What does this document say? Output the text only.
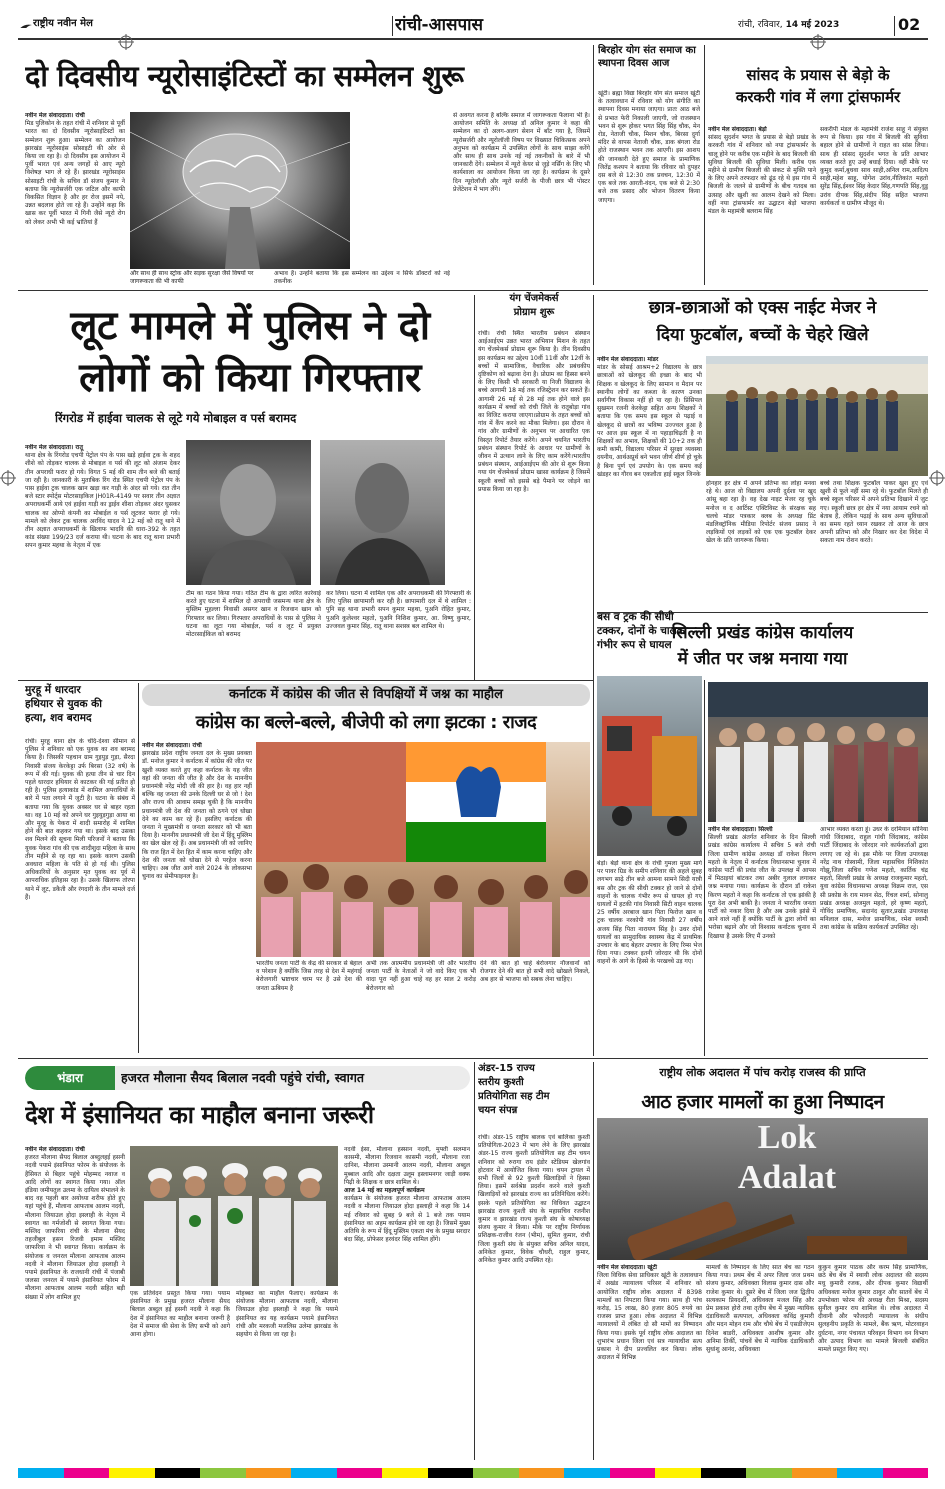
राष्ट्रीय नवीन मेल	रांची-आसपास	रांची, रविवार, 14 मई 2023	02
दो दिवसीय न्यूरोसाइंटिस्टों का सम्मेलन शुरू
नवीन मेल संवाददाता। रांची
मिड पुलिकोन के तहत रांची में शनिवार से पूर्वी भारत का दो दिवसीय न्यूरोसाइंटिस्टों का सम्मेलन शुरू हुआ। सम्मेलन का आयोजन झारखंड न्यूरोसाइंस सोसाइटी की ओर से किया जा रहा है। दो दिवसीय इस आयोजन में पूर्वी भारत एवं अन्य जगहों से आए न्यूरो विशेषज्ञ भाग ले रहे हैं। झारखंड न्यूरोसाइंस सोसाइटी रांची के सचिव डॉ संजय कुमार ने बताया कि न्यूरोसर्जरी एक जटिल और काफी विकसित विज्ञान है और हर रोज इसमें नये, उन्नत बदलाव होते जा रहे हैं। उन्होंने कहा कि खास कर पूर्वी भारत में गिनी जैसे न्यूरो रोग को लेकर अभी भी कई भ्रांतियां हैं
और साथ ही साथ स्ट्रोक और सड़क सुरक्षा जैसे विषयों पर जागरूकता की भी काफी
अभाव है। उन्होंने बताया कि इस सम्मेलन का उद्देश्य न सिर्फ डॉक्टरों को नई तकनीक
से अवगत करना है बल्कि समाज में जागरूकता फैलाना भी है। आयोजन समिति के अध्यक्ष डॉ अनिल कुमार ने कहा की सम्मेलन का दो अलग-अलग सेशन में बाँट गया है, जिसमें न्यूरोसर्जरी और न्यूरोलॉजी विषय पर विख्यात चिकित्सक अपने अनुभव को कार्यक्रम में उपस्थित लोगों के साथ साझा करेंगे और साथ ही साथ उनके नई नई तकनीकों के बारे में भी जानकारी देंगे। सम्मेलन में न्यूरो केयर से जुड़े नर्सिंग के लिए भी कार्यशाला का आयोजन किया जा रहा है। कार्यक्रम के दूसरे दिन न्यूरोलॉजी और न्यूरो सर्जरी के पीजी छात्र भी पोस्टर प्रेजेंटेशन में भाग लेंगे।
बिरहोर योग संत समाज का स्थापना दिवस आज
खूंटी। ब्रह्मा विद्या बिरहोर योग संत समाज खूंटी के तत्वावधान में रविवार को योग संगीति का स्थापना दिवस मनाया जाएगा। प्रातः आठ बजे से प्रभात फेरी निकाली जाएगी, जो राजस्थान भवन से शुरू होकर भगत सिंह सिंह चौक, मेन रोड, नेताजी चौक, मिशन चौक, बिरसा दुर्गा मंदिर से वापस नेताजी चौक, डाक बंगला रोड होते राजस्थान भवन तक आएगी। इस आशय की जानकारी देते हुए समाज के प्रामाणिक जितेंद्र कश्यप ने बताया कि रविवार को दुपहर दस बजे से 12:30 तक प्रवचन, 12:30 में एक बजे तक आरती-वंदन, एक बजे से 2:30 बजे तक प्रसाद और भोजन वितरण किया जाएगा।
सांसद के प्रयास से बेड़ो के
करकरी गांव में लगा ट्रांसफार्मर
नवीन मेल संवाददाता। बेड़ो
सांसद सुदर्शन भगत के प्रयास से बेड़ो प्रखंड के करकरी गांव में शनिवार को नया ट्रांसफार्मर के चालू होने पर करीब एक महीने के बाद बिजली की सुविधा बिजली की सुविधा मिली। करीब एक महीने से ग्रामीण बिजली की संकट से मुक्ति पाने के लिए अपने तरफदार को ढूंढ रहे थे इस गांव में बिजली के जलने से ग्रामीणों के बीच गतदब का उत्साह और खुशी का आलम देखने को मिला। वहीं नया ट्रांसफार्मर का उद्घाटन बेड़ो भाजपा मंडल के महामंत्री बलराम सिंह
सकरीपी मंडल के महामंत्री राजेश साहू ने संयुक्त रूप से किया। इस गांव में बिजली की सुविधा बहाल होने से ग्रामीणों ने राहत का सांस लिया। साथ ही सांसद सुदर्शन भगत के प्रति आभार व्यक्त करते हुए उन्हें बधाई दिया। वहीं मौके पर कुमुद कर्मा,बुधवा साव साही,अनिल राम,आदित्य साही,महेश साहू, योगेश उरांव,नीतिकांत महतो सुरेंद्र सिंह,ईश्वर सिंह केदार सिंह,गणपति सिंह,वुडु उरांव दीपक सिंह,संदीप सिंह सहित भाजपा कार्यकर्ता व ग्रामीण मौजूद थे।
लूट मामले में पुलिस ने दो
लोगों को किया गिरफ्तार
रिंगरोड में हाईवा चालक से लूटे गये मोबाइल व पर्स बरामद
नवीन मेल संवाददाता। रातू
थाना क्षेत्र के रिंगरोड एचपी पेट्रोल पंप के पास खड़े हाईवा ट्रक के शहद शीशे को तोड़कर चालक से मोबाइल व पर्स की लूट को अंजाम देकर तीन अपराधी फरार हो गये। विगत 5 मई की शाम तीन बजे की बताई जा रही है। जानकारी के मुताबिक रिंग रोड स्थित एचपी पेट्रोल पंप के पास हाईवा ट्रक चालक खान खड़ा कर गाड़ी के अंदर सो गये। रात तीन बजे स्टार स्पोर्ट्स मोटरसाइकिल JH01R-4149 पर सवार तीन अज्ञात अपराधकर्मी आये एवं हाईवा गाड़ी का ड्राईव शीशा तोड़कर अंदर घुसकर चालक का ओप्पो कंपनी का मोबाईल व पर्स लूटकर फरार हो गये। मामले को लेकर ट्रक चालक अरविंद यादव ने 12 मई को रातू थाने में तीन अज्ञात अपराधकर्मी के खिलाफ भादवि की धारा-392 के तहत कांड संख्या 199/23 दर्ज कराया थी। घटना के बाद रातू थाना प्रभारी सपन कुमार महथा के नेतृत्व में एक
टीम का गठन किया गया। गठित टीम के द्वारा त्वरित कार्रवाई करते हुए घटना में शामिल दो अपराधी जसमन्य थाना क्षेत्र के मुस्लिम मुहल्ला निवासी असगर खान व रिजवान खान को गिरफ्तार कर लिया। गिरफ्तार अपराधियों के पास से पुलिस ने घटना का लूटा गया मोबाईल, पर्स व लूट में प्रयुक्त मोटरसाईकिल को बरामद
कर लिया। घटना में शामिल एक और अपराधकर्मी की गिरफ्तारी के लिए पुलिस छापामारी कर रही है। छापामारी दल में थे शामिल : पुनि सह थाना प्रभारी सपन कुमार महथा, पुअनि रोहित कुमार, पुअनि कुलेश्वर महतो, पुअनि निशिश कुमार, आ. विष्णु कुमार, उज्जवल कुमार सिंह, रातू थाना सशस्त्र बल शामिल थे।
यंग चेंजमेकर्स
प्रोग्राम शुरू
रांची। रांची स्थित भारतीय प्रबंधन संस्थान आईआईएम उन्नत भारत अभियान मिशन के तहत यंग चेंजमेकर्स प्रोग्राम शुरू किया है। तीन दिवसीय इस कार्यक्रम का उद्देश्य 10वीं 11वीं और 12वीं के बच्चों में सामाजिक, वैचारिक और प्रबंधकीय दृष्टिकोण को बढ़ावा देना है। प्रोग्राम का हिस्सा बनने के लिए किसी भी सरकारी या निजी विद्यालय के बच्चे आगामी 18 मई तक रजिस्ट्रेशन कर सकते हैं। आगामी 26 मई से 28 मई तक होने वाले इस कार्यक्रम में बच्चों को रांची जिले के रातूबोड़ा गांव का विजिट कराया जाएगा।प्रोग्राम के तहत बच्चों को गांव में कैंप करने का मौका मिलेगा। इस दौरान वे गांव और ग्रामीणों के अनुभव पर आधारित एक विस्तृत रिपोर्ट तैयार करेंगे। अपने चयनित भारतीय प्रबंधन संस्थान रिपोर्ट के आधार पर ग्रामीणों के जीवन में उत्थान लाने के लिए काम करेंगे।भारतीय प्रबंधन संस्थान, आईआईएम की ओर से शुरू किया गया यंग चेंजमेकर्स प्रोग्राम खासा कार्यक्रम है जिसमें स्कूली बच्चों को इससे बड़े पैमाने पर जोड़ने का प्रयास किया जा रहा है।
छात्र-छात्राओं को एक्स नाईट मेजर ने
दिया फुटबॉल, बच्चों के चेहरे खिले
नवीन मेल संवाददाता। मांडर
मांडर के सोसई आश्रम+2 विद्यालय के छात्र छात्राओं को खेलकूद की इच्छा के बाद भी शिक्षक व खेलकूद के लिए सामान व मैदान पर स्थानीय लोगों का कब्जा के कारण उनका सर्वांगीण विकास नहीं हो पा रहा है। प्रिंसिपल सुखमन रजनी केरकेट्टा सहित अन्य शिक्षकों ने बताया कि एक समय इस स्कूल से पढ़ाई व खेलकूद से छात्रों का भविष्य उज्ज्वल हुआ है पर आज इस स्कूल में ना पहाड़ाचिढ़ती है ना शिक्षकों का अभाव, शिक्षकों की 10+2 तक ही कमी कामी, विद्यालय परिसर में सुरक्षा व्यवस्था दयनीय, आर्थअप्रूर्थ बने भवन जीर्ण शीर्ण हो चुके है बिना पूर्ण एवं उपयोग के। एक समय कई खंडहर का गौरव बन एकलौता हाई स्कूल जिनके
होनहार हर क्षेत्र में अपने प्रतिभा का लोहा मनवा रहे थे। आज वो विद्यालय अपनी दुर्दशा पर खुद आंसू बहा रहा है। वह देख नाइट मेजर रह चुके मनोज व द आर्टिस्ट एक्टिविस्ट के संरक्षक सह चलचे मांडर पत्रकार क्लब के अध्यक्ष प्रिंट मंडलिक्ट्रॉनिक मीडिया रिपोर्टर संजय प्रसाद ने लड़कियों एवं लड़कों को एक एक फुटबॉल देकर खेल के प्रति जागरूक किया।
बच्चे तथा शिक्षक फुटबॉल पाकर खुश हुए एवं खुशी से फूले नहीं समा रहे थे। फुटबॉल मिलते ही बच्चे स्कूल परिसर में अपने प्रतिभा दिखाने में जुट गए। स्कूली छात्र हर क्षेत्र में नया आयाम रचने को बेताब हैं, लेकिन पढ़ाई के साथ अन्य सुविधाओं का समय रहते ध्यान रखकर तो आज के छात्र अपनी प्रतिभा को और निखार कर देश विदेश में सकता नाम रोशन करते।
सिल्ली प्रखंड कांग्रेस कार्यालय
में जीत पर जश्न मनाया गया
मुरहू में धारदार
हथियार से युवक की
हत्या, शव बरामद
रांची। मुरहू थाना क्षेत्र के चंदि-देश्वा सीमान से पुलिस ने शनिवार को एक युवक का शव बरामद किया है। जिसकी पहचान ग्राम गुइयुड़ गुड़ा, सैरदा निवासी संजय केरकेट्टा उर्फ बिरसा (32 वर्ष) के रूप में की गई। युवक की हत्या तीन से चार दिन पहले धारदार हथियार से काटकर की गई प्रतीत हो रही है। पुलिस हत्याकांड में शामिल अपराधियों के बारे में पता लगाने में जुटी है। घटना के संबंध में बताया गया कि युवक अक्सर घर से बाहर रहता था। वह 10 मई को अपने घर गुइयुड़गुड़ा आया था और मुरहू के पेकरा में शादी समारोह में शामिल होने की बात कहकर गया था। इसके बाद उसका शव मिलने की सूचना मिली परिजनों ने बताया कि युवक पेकरा गांव की एक शादीशुदा महिला के साथ तीन महीने से रह रहा था। इसके कारण उसकी अवधारा महिला के पति से हो गई थी। पुलिस अधिकारियों के अनुसार मृत युवक का पूर्व में आपराधिक इतिहास रहा है। उसके खिलाफ तोरपा थाने में लूट, डकैती और रंगदारी के तीन मामले दर्ज हैं।
कर्नाटक में कांग्रेस की जीत से विपक्षियों में जश्न का माहौल
कांग्रेस का बल्ले-बल्ले, बीजेपी को लगा झटका : राजद
नवीन मेल संवाददाता। रांची
झारखंड प्रदेश राष्ट्रीय जनता दल के मुख्य प्रवक्ता डॉ. मनोज कुमार ने कर्नाटक में कांग्रेस की जीत पर खुशी व्यक्त करते हुए कहा कर्नाटक के यह जीत वहां की जनता की जीत है और देश के माननीय प्रधानमंत्री नरेंद्र मोदी जी की हार है। वह हार नहीं बल्कि वह जनता की उनके दिल्ली घर से जो ! देश और राज्य की आवाम समझ चुकी है कि माननीय प्रधानमंत्री जी देश की जनता को ठगने एवं धोखा देने का काम कर रहे हैं। इसलिए कर्नाटक की जनता ने मुख्यमंत्री व जनता सरकार को भी बता दिया है। माननीय प्रधानमंत्री जी देश में हिंदू मुस्लिम का खेल खेल रहे हैं। अब प्रधानमंत्री जी को जानिए कि राज हित में देश हित में काम करना चाहिए और देश की जनता को धोखा देने से परहेज करना चाहिए। अब जीत आगे वाले 2024 के लोकसभा चुनाव का सेमीफाइनल है।
भारतीय जनता पार्टी के केंद्र की सरकार से बेहाल व परेशान है क्योंकि जिस तरह से देश में महंगाई बेरोजगारी भ्रष्टाचार चरम पर है उसे देश की जनता ऊबियम है
अभी तक आत्ममीय प्रधानमंत्री जी और भारतीय जनता पार्टी के नेताओं ने जो वादे किए एक भी वादा पूरा नहीं हुआ चाहे वह हर साल 2 करोड़ बेरोजगार को
देने की बात हो चाहे बेरोजगार नौजवानों को रोजगार देने की बात हो सभी वादे खोखले निकले, अब हार से भाजपा को सबक लेना चाहिए।
बस व ट्रक की सीधी
टक्कर, दोनों के चालक
गंभीर रूप से घायल
बेड़ो। बेड़ो थाना क्षेत्र के रांची गुमला मुख्य मार्ग पर पावर ग्रिड के समीप शनिवार की अहले सुबह लगभग साढ़े तीन बजे आमना सामने सिदी यात्री बस और ट्रक की सीधी टक्कर हो जाने से दोनों वाहनों के चालक गंभीर रूप से घायल हो गए घायलों में हटकी गांव निवासी सिटी वाहन चालक 25 वर्षीय अरबाज खान पिता फिरोज खान व ट्रक चालक नरकोपी गांव निवासी 27 वर्षीय अजय सिंह पिता नारायण सिंह है। उधर दोनों घायलों का सामुदायिक स्वास्थ्य केंद्र में प्राथमिक उपचार के बाद बेहतर उपचार के लिए रिम्स भेज दिया गया। टक्कर इतनी जोरदार थी कि दोनों वाहनों के आगे के हिस्से के परखच्चे उड़ गए।
नवीन मेल संवाददाता। सिल्ली
सिल्ली प्रखंड अंतर्गत शनिवार के दिन सिल्ली प्रखंड कांग्रेस कार्यालय में सचिव 5 बजे रांची जिला ग्रामीण कांग्रेस अध्यक्ष डॉ राकेश किरण महतो के नेतृत्व में कर्नाटक विधानसभा चुनाव में कांग्रेस पार्टी की प्रचंड जीत के उपलक्ष में आपस में मिठाइयां बांटकर तथा अबीर गुलाल लगाकर जश्न मनाया गया। कार्यक्रम के दौरान डॉ राकेश किरण महतो ने कहा कि कर्नाटक तो एक झांकी है पूरा देश अभी बाकी है। जनता ने भारतीय जनता पार्टी को नकार दिया है और अब उनके झांसे में आने वाले नहीं हैं क्योंकि पार्टी के द्वारा लोगों का भरोसा बढ़ाने और जो विश्वास कर्नाटक चुनाव में दिखाया है उसके लिए मैं उनको
आभार व्यक्त करता हूं। उधर के दरमियान सोनिया गांधी जिंदाबाद, राहुल गांधी जिंदाबाद, कांग्रेस पार्टी जिंदाबाद के जोरदार नारे कार्यकर्ताओं द्वारा लगाए जा रहे थे। इस मौके पर जिला उपाध्यक्ष नरेंद्र नाथ गोस्वामी, जिला महासचिव निशिकांत गोंझू,जिला सचिव गणेश महतो, कार्तिक चंद्र महतो, सिल्ली प्रखंड के अध्यक्ष राजकुमार महतो, युवा कांग्रेस विधानसभा अध्यक्ष विक्रम राज, एस सी प्रकोष्ठ के राय मावन सेठ, रिंचल शर्मा, सोनालु प्रखंड अध्यक्ष अजमुल महतो, हरे कृष्ण महतो, गोविंद प्रमाणिक, सदानंद सुतार,प्रखंड उपाध्यक्ष मनिलाल दास, मनोज प्रामाणिक, रमेश स्वामी तथा कांग्रेस के सक्रिय कार्यकर्ता उपस्थित रहे।
भंडारा	हजरत मौलाना सैयद बिलाल नदवी पहुंचे रांची, स्वागत
देश में इंसानियत का माहौल बनाना जरूरी
नवीन मेल संवाददाता। रांची
हजरत मौलाना सैयद बिलाल अब्दुलहई हसनी नदवी पयामे इंसानियत फोरम के संयोजक के हैसियत से बिहार पहुंचे मोहम्मद नवाज व आदि लोगों का स्वागत किया गया। ऑल इंडिया जमीयतुल उलमा के दायित्व संभालने के बाद वह पहली बार अयोध्या शरीफ होते हुए यहां पहुंचे हैं, मौलाना आफताब आलम नदवी, मौलाना जियाउल होदा इस्लाही के नेतृत्व में स्वागत का गर्मजोशी से स्वागत किया गया। मस्जिद जाफरिया रांची के मौलाना सैयद तहजीबुल हसन रिजवी इमाम मस्जिद जाफरिया ने भी स्वागत किया। कार्यक्रम के संयोजक व जनरल मौलाना आफताब आलम नदवी ने मौलाना जियाउल होदा इस्लाही ने पयामे इंसानियत के राजधानी रांची में पंजाबी जलसा जनरल में पयामे इंसानियत फोरम में मौलाना आफताब आलम नदवी सहित बड़ी संख्या में लोग शामिल हुए
एक प्रतिवेदन प्रस्तुत किया गया। पयाम इंसानियत के प्रमुख हजरत मौलाना सैयद बिलाल अब्दुल हई हसनी नदवी ने कहा कि देश में इंसानियत का माहौल बनाना जरूरी है देश में समाज की सेवा के लिए सभी को आगे आना होगा।
मोहब्बत का माहौल फैलाए। कार्यक्रम के संयोजक मौलाना आफताब नदवी, मौलाना जियाउल होदा इस्लाही ने कहा कि पयामे इंसानियत का यह कार्यक्रम पयामे इंसानियत रांची और मरकजी मजलिस उलेमा झारखंड के सहयोग से किया जा रहा है।
नदवी ईसा, मौलाना हस्सान नदवी, मुफ्ती सलमान कासमी, मौलाना रिजवान कासमी नदवी, मौलाना रजा दानिश, मौलाना उस्मानी आलम नदवी, मौलाना अब्दुल मुब्बाल आदि और दक्षता उलूम इस्लामनगर जाड़ी वक्फ पिढ़ी के शिक्षक व छात्र शामिल थे।
आज 14 मई का महत्वपूर्ण कार्यक्रम
कार्यक्रम के संयोजक हजरत मौलाना आफताब आलम नदवी व मौलाना जियाउल होदा इस्लाही ने कहा कि 14 मई रविवार को सुबह 9 बजे से 1 बजे तक पयाम इंसानियत का अहम कार्यक्रम होने जा रहा है। जिसमें मुख्य अतिथि के रूप में हिंदू मुस्लिम एकता मंच के प्रमुख सरदार बंदा सिंह, प्रोफेसर हरवंदर सिंह शामिल होंगे।
अंडर-15 राज्य
स्तरीय कुश्ती
प्रतियोगिता सह टीम
चयन संपन्न
रांची। अंडर-15 राष्ट्रीय बालक एवं बालिका कुश्ती प्रतियोगिता-2023 में भाग लेने के लिए झारखंड अंडर-15 राज्य कुश्ती प्रतियोगिता सह टीम चयन शनिवार को रुरागा राय इंडोर स्टेडियम खेलगांव होटवार में आयोजित किया गया। चयन ट्रायल में सभी जिलों से 92 कुश्ती खिलाड़ियों ने हिस्सा लिया। इसमें सर्वश्रेष्ठ प्रदर्शन करने वाले कुश्ती खिलाड़ियों को झारखंड राज्य का प्रतिनिधित्व करेंगे। इसके पहले प्रतियोगिता का विधिवत उद्घाटन झारखंड राज्य कुश्ती संघ के महासचिव रजनीश कुमार व झारखंड राज्य कुश्ती संघ के कोषाध्यक्ष संजय कुमार ने किया। मौके पर राष्ट्रीय निर्णायक प्रशिक्षक-राजीव रंजन (भीम), सुमित कुमार, रांची जिला कुश्ती संघ के संयुक्त सचिव अनिल यादव, अनिकेत कुमार, विवेक चौधरी, राहुल कुमार, अनिकेत कुमार आदि उपस्थित रहे।
राष्ट्रीय लोक अदालत में पांच करोड़ राजस्व की प्राप्ति
आठ हजार मामलों का हुआ निष्पादन
Lok
Adalat
नवीन मेल संवाददाता। खूंटी
जिला विधिक सेवा प्राधिकार खूंटी के तत्वावधान में अखंड न्यायालय परिसर में शनिवार को आयोजित राष्ट्रीय लोक अदालत में 8398 मामलों का निपटारा किया गया। साथ ही पांच करोड़, 15 लाख, 80 हजार 805 रुपये का राजस्व प्राप्त हुआ। लोक अदालत में विभिन्न न्यायालयों में लंबित दो सौ मामों का निष्पादन किया गया। इसके पूर्व राष्ट्रीय लोक अदालत का शुभारंभ प्रधान जिला एवं सत्र न्यायाधीश सत्य प्रकाश ने दीप प्रज्वलित कर किया। लोक अदालत में विभिन्न
मामलों के निष्पादन के लिए सात बेंच का गठन किया गया। प्रथम बेंच में अपर जिला जज प्रथम संजय कुमार, अधिवक्ता विलास कुमार दास और राजेश कुमार थे। दूसरे बेंच में जिला जज द्वितीय सत्यकाम प्रियदर्शी, अधिवक्ता मजल सिंह और प्रेम प्रकाश होरो तथा तृतीय बेंच में मुख्य न्यायिक दंडाधिकारी सत्यपाल, अधिवक्ता कविंद्र कुमारी और मदन मोहन राम और चौथे बेंच में एसडीजेएम दिनेश बाडरी, अधिवक्ता आशीष कुमार और अनिमा तिर्की, पांचवें बेंच में न्यायिक दंडाधिकारी सुधांशु आनंद, अधिवक्ता
कुकुन कुमार पाठक और करम सिंह प्रामाणिक, छठे बेंच बेंच में स्थायी लोक अदालत की सदस्य मधु कुमारी रजक, और दीपक कुमार विद्यार्थी अधिवक्ता मनोज कुमार ठाकुर और सातवें बेंच में उपभोक्ता फोरम की अध्यक्ष रीता मिश्रा, सदस्य सुनील कुमार राय शामिल थे। लोक अदालत में दीवानी और फौजदारी न्यायालय के संधीय सुलहनीय प्रकृति के मामले, बैंक ऋण, मोटरवाहन दुर्घटना, नगर पंचायत परिवहन विभाग वन विभाग और उत्पाद विभाग का मामले बिजली संबंधित मामले प्रस्तुत किए गए।
